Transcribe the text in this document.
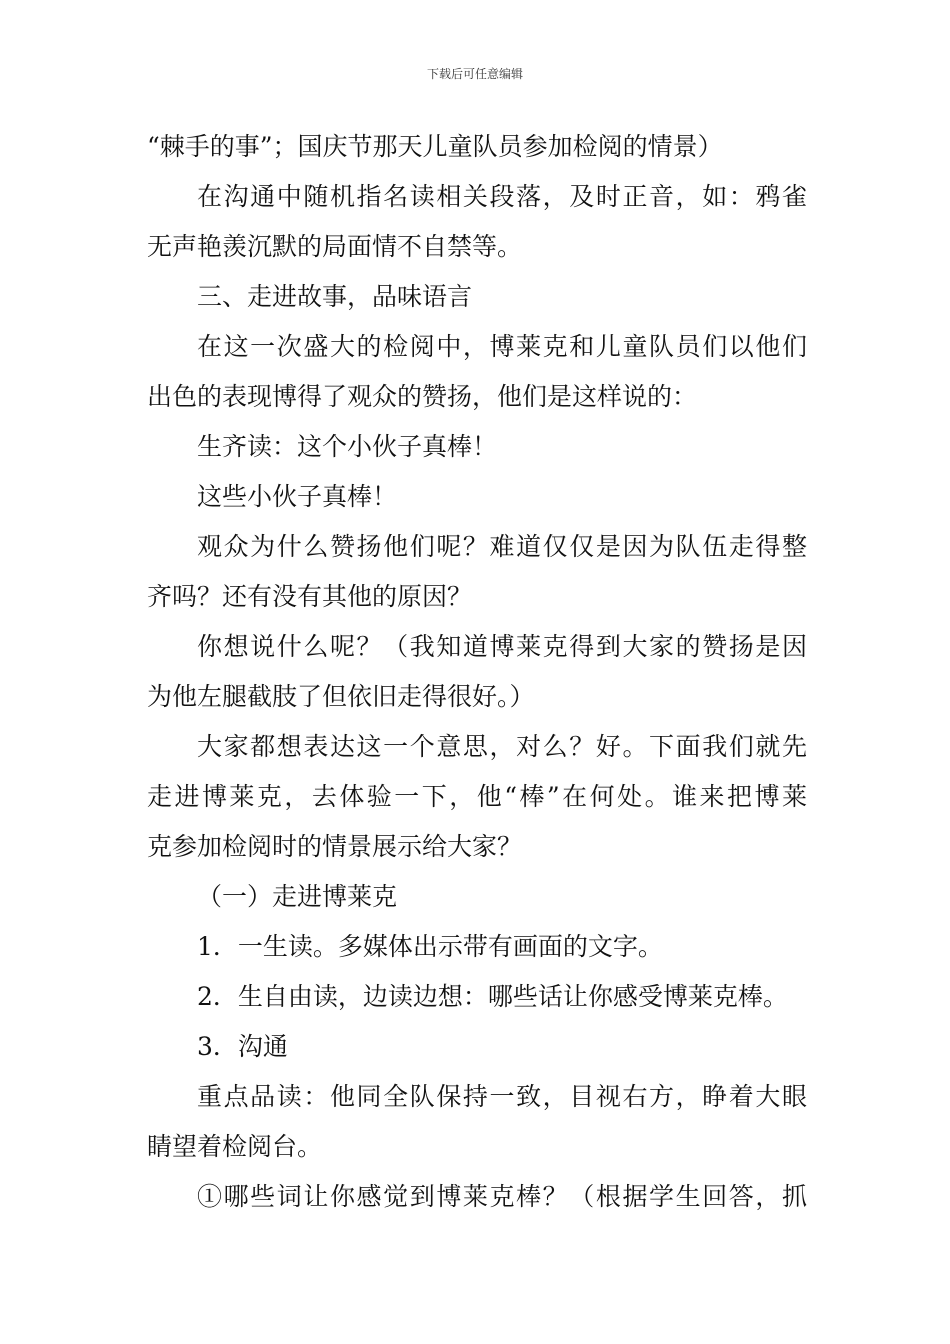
下载后可任意编辑

“棘手的事”；国庆节那天儿童队员参加检阅的情景）

在沟通中随机指名读相关段落，及时正音，如：鸦雀

无声艳羡沉默的局面情不自禁等。

三、走进故事，品味语言

在这一次盛大的检阅中，博莱克和儿童队员们以他们

出色的表现博得了观众的赞扬，他们是这样说的：

生齐读：这个小伙子真棒！

这些小伙子真棒！

观众为什么赞扬他们呢？难道仅仅是因为队伍走得整

齐吗？还有没有其他的原因？

你想说什么呢？（我知道博莱克得到大家的赞扬是因

为他左腿截肢了但依旧走得很好。）

大家都想表达这一个意思，对么？好。下面我们就先

走进博莱克，去体验一下，他“棒”在何处。谁来把博莱

克参加检阅时的情景展示给大家？

（一）走进博莱克

1．一生读。多媒体出示带有画面的文字。

2．生自由读，边读边想：哪些话让你感受博莱克棒。

3．沟通

重点品读：他同全队保持一致，目视右方，睁着大眼

睛望着检阅台。

①哪些词让你感觉到博莱克棒？（根据学生回答，抓
